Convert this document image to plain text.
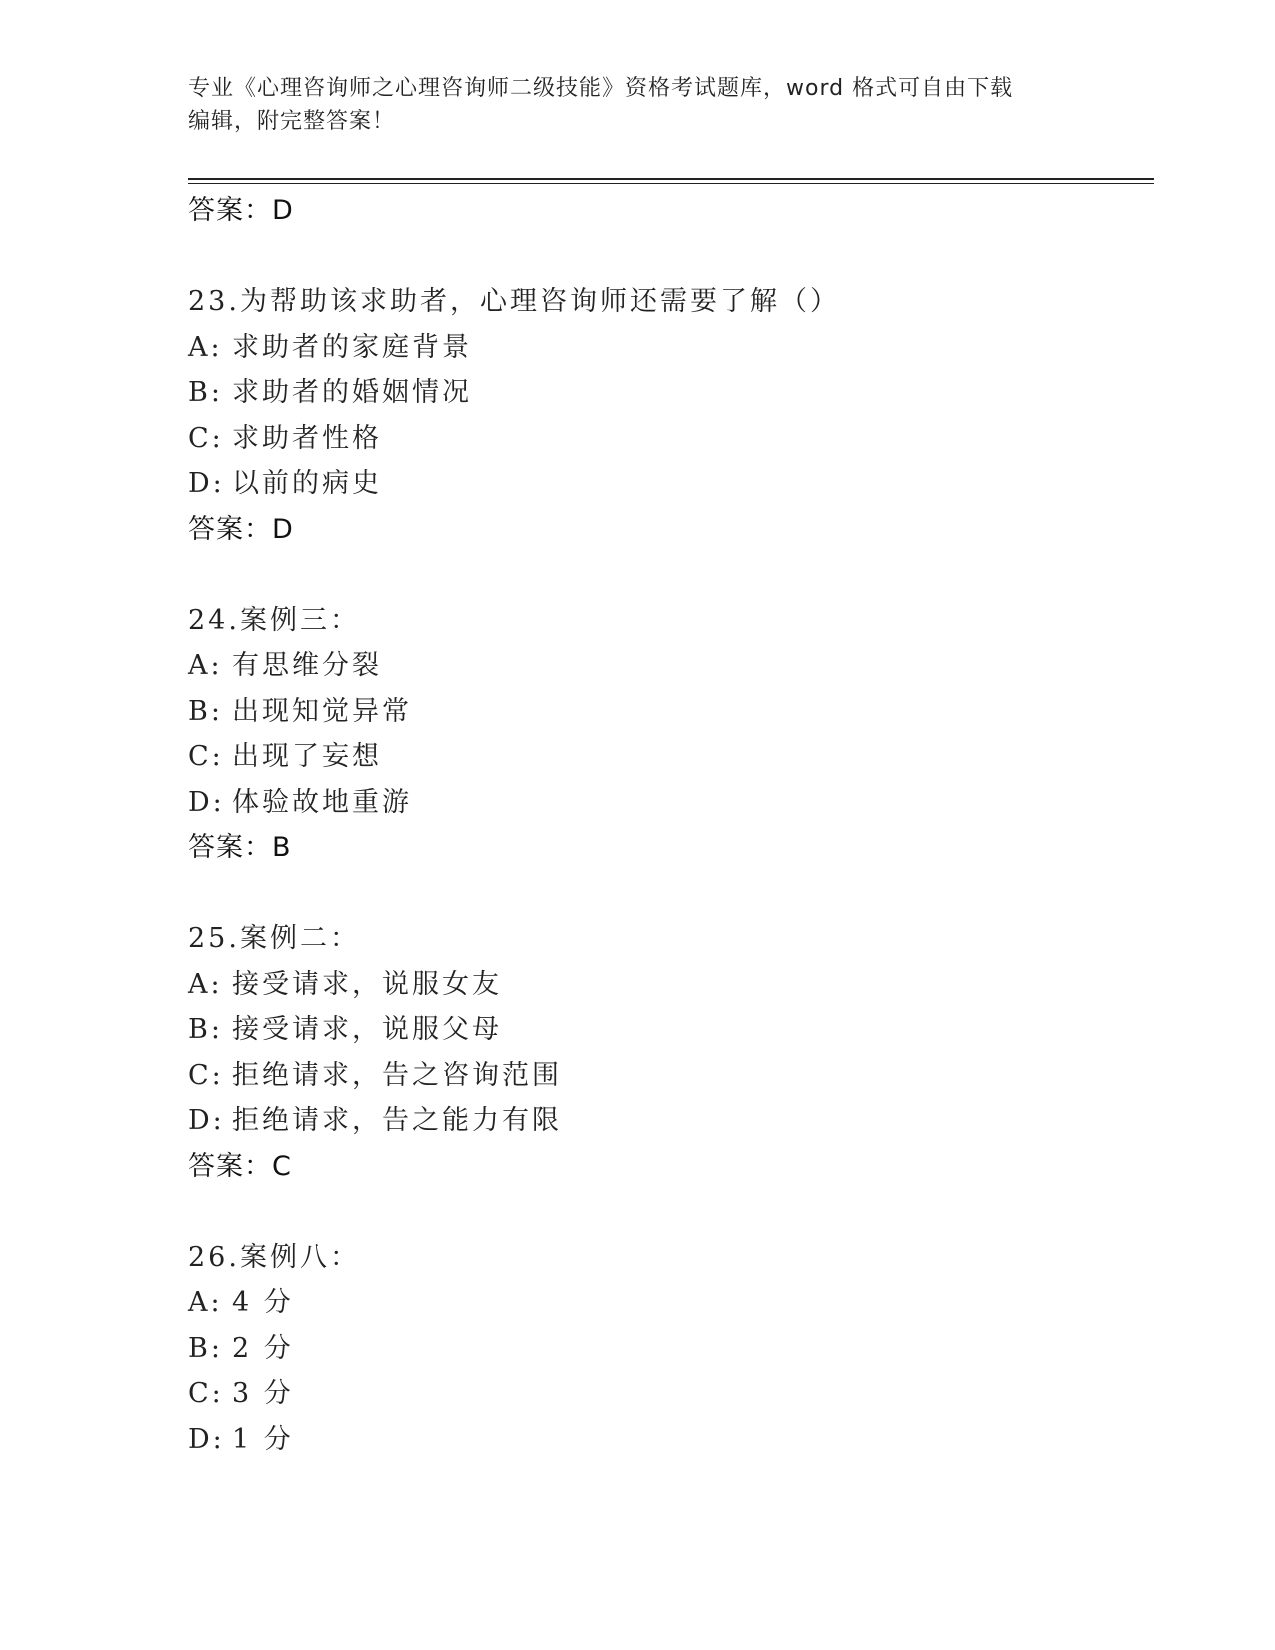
专业《心理咨询师之心理咨询师二级技能》资格考试题库，word 格式可自由下载
编辑，附完整答案！
答案：D
23.为帮助该求助者，心理咨询师还需要了解（）
A: 求助者的家庭背景
B: 求助者的婚姻情况
C: 求助者性格
D: 以前的病史
答案：D
24.案例三：
A: 有思维分裂
B: 出现知觉异常
C: 出现了妄想
D: 体验故地重游
答案：B
25.案例二：
A: 接受请求，说服女友
B: 接受请求，说服父母
C: 拒绝请求，告之咨询范围
D: 拒绝请求，告之能力有限
答案：C
26.案例八：
A: 4 分
B: 2 分
C: 3 分
D: 1 分
